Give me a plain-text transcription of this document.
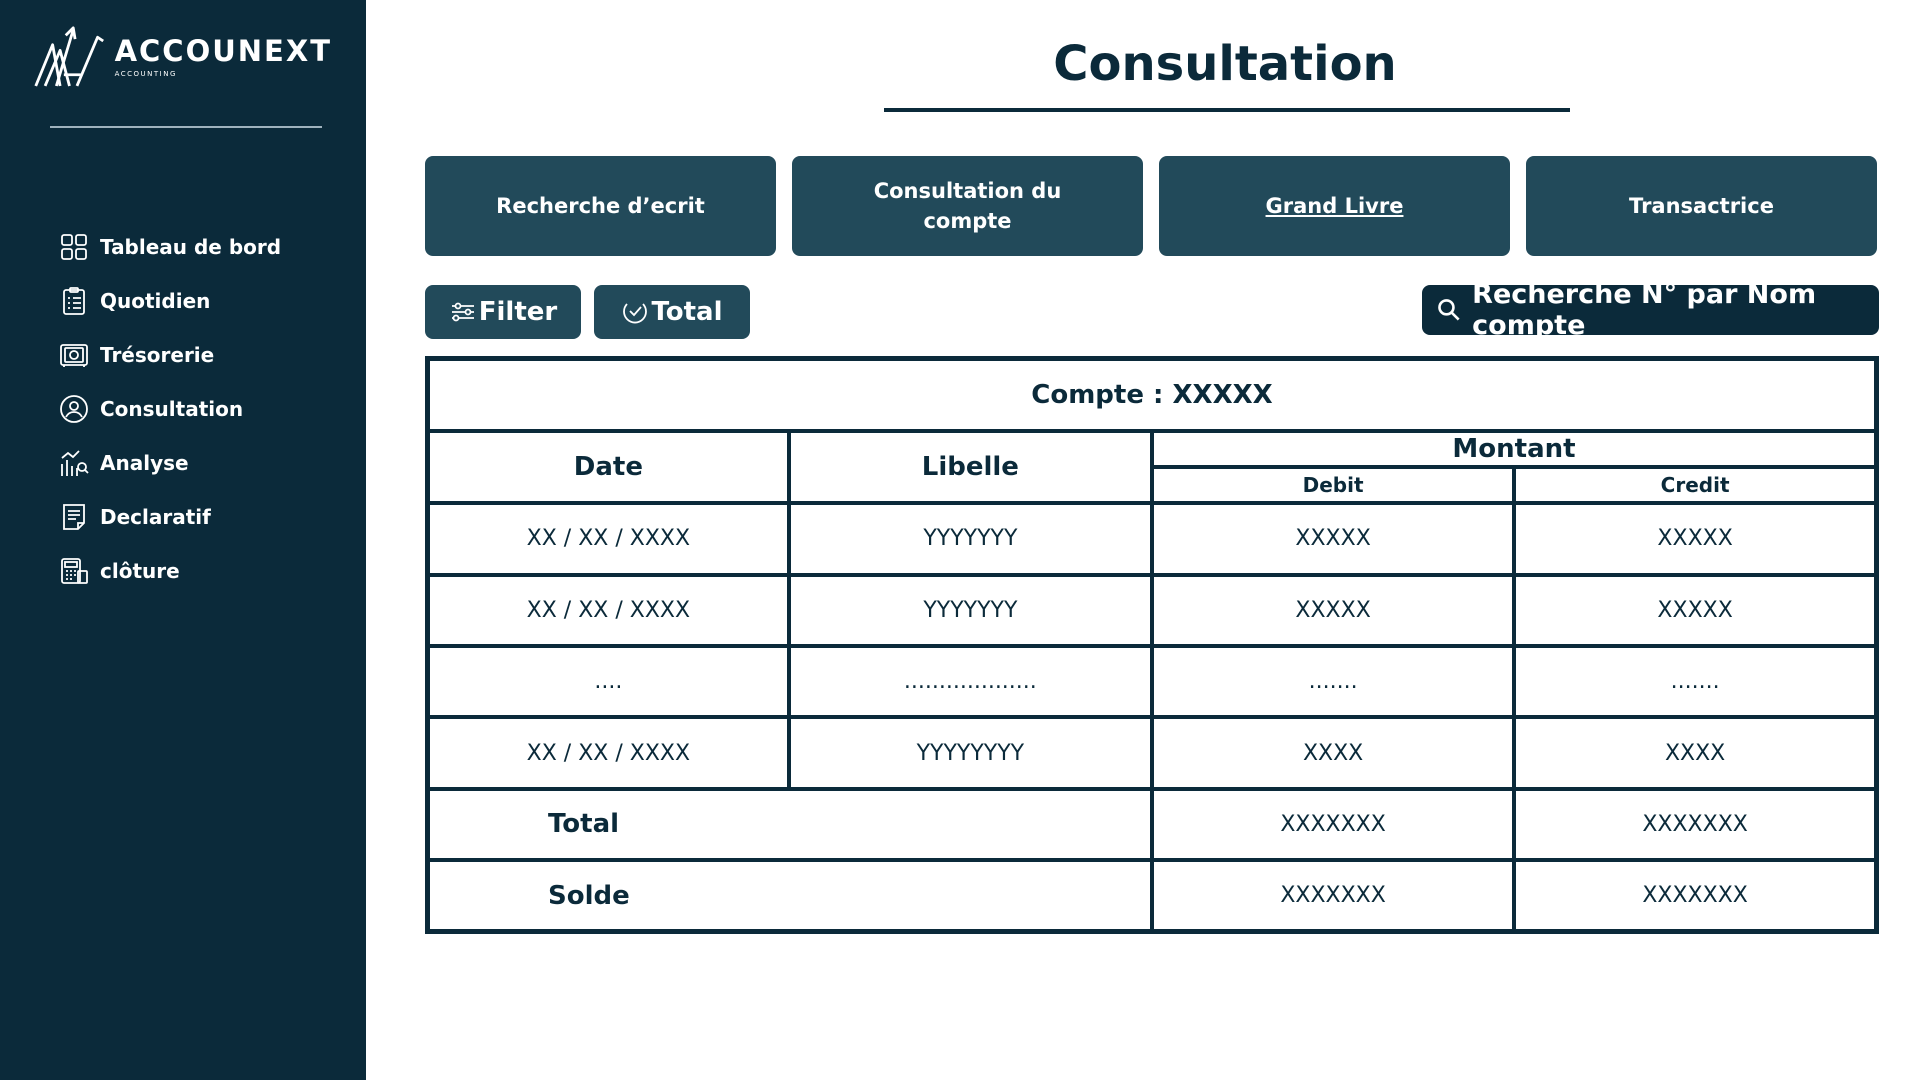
ACCOUNEXT
ACCOUNTING
Tableau de bord
Quotidien
Trésorerie
Consultation
Analyse
Declaratif
clôture
Consultation
Recherche d’ecrit
Consultation du compte
Grand Livre	Transactrice
Filter	Total
Recherche N° par Nom compte
Compte : XXXXX			
Date	Libelle	Montant	
		Debit	Credit
XX / XX / XXXX	YYYYYYY	XXXXX	XXXXX
XX / XX / XXXX	YYYYYYY	XXXXX	XXXXX
....	...................	.......	.......
XX / XX / XXXX	YYYYYYYY	XXXX	XXXX
Total		XXXXXXX	XXXXXXX
Solde		XXXXXXX	XXXXXXX
